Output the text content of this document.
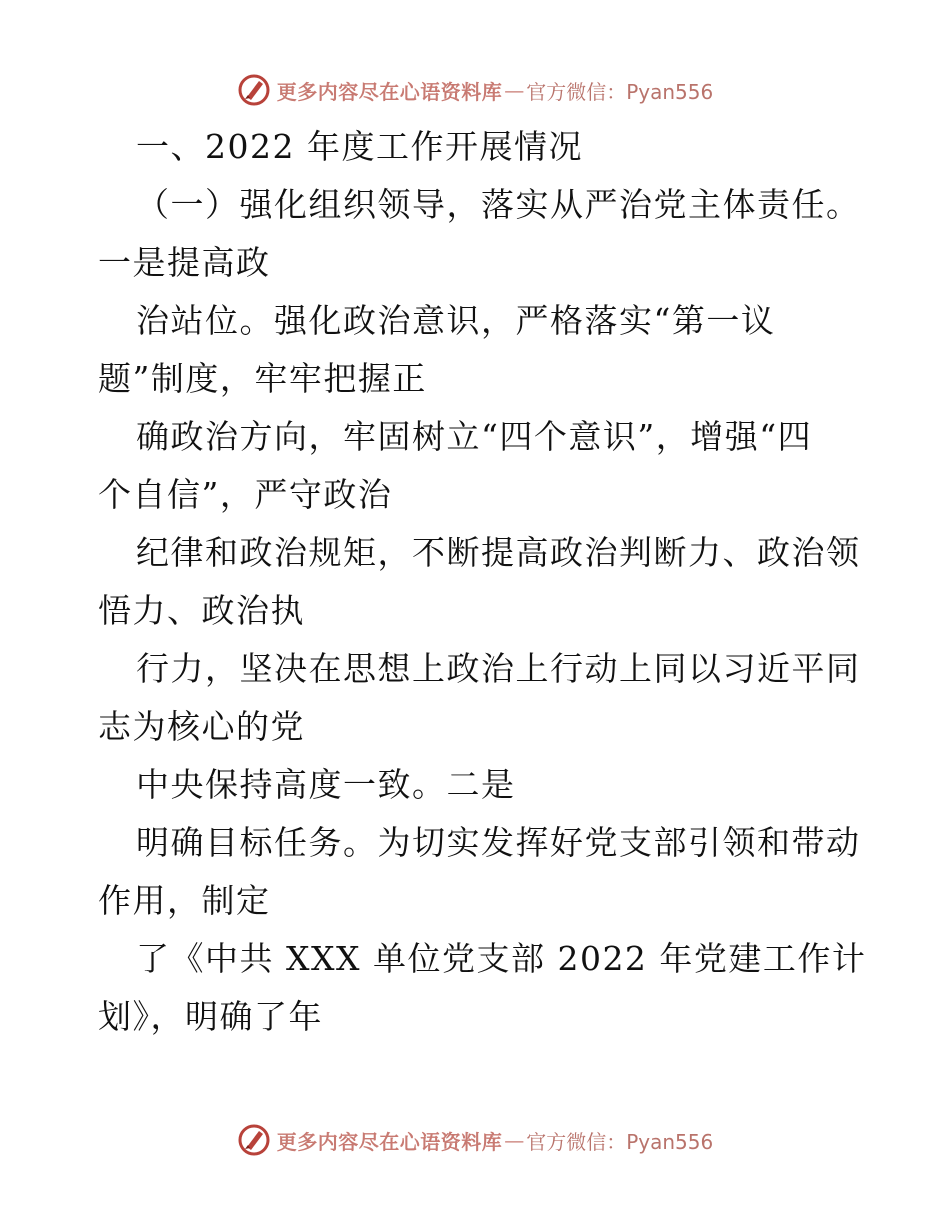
更多内容尽在心语资料库 — 官方微信：Pyan556
一、2022 年度工作开展情况
（一）强化组织领导，落实从严治党主体责任。
一是提高政
治站位。强化政治意识，严格落实“第一议
题”制度，牢牢把握正
确政治方向，牢固树立“四个意识”，增强“四
个自信”，严守政治
纪律和政治规矩，不断提高政治判断力、政治领
悟力、政治执
行力，坚决在思想上政治上行动上同以习近平同
志为核心的党
中央保持高度一致。二是
明确目标任务。为切实发挥好党支部引领和带动
作用，制定
了《中共 XXX 单位党支部 2022 年党建工作计
划》，明确了年
更多内容尽在心语资料库 — 官方微信：Pyan556
